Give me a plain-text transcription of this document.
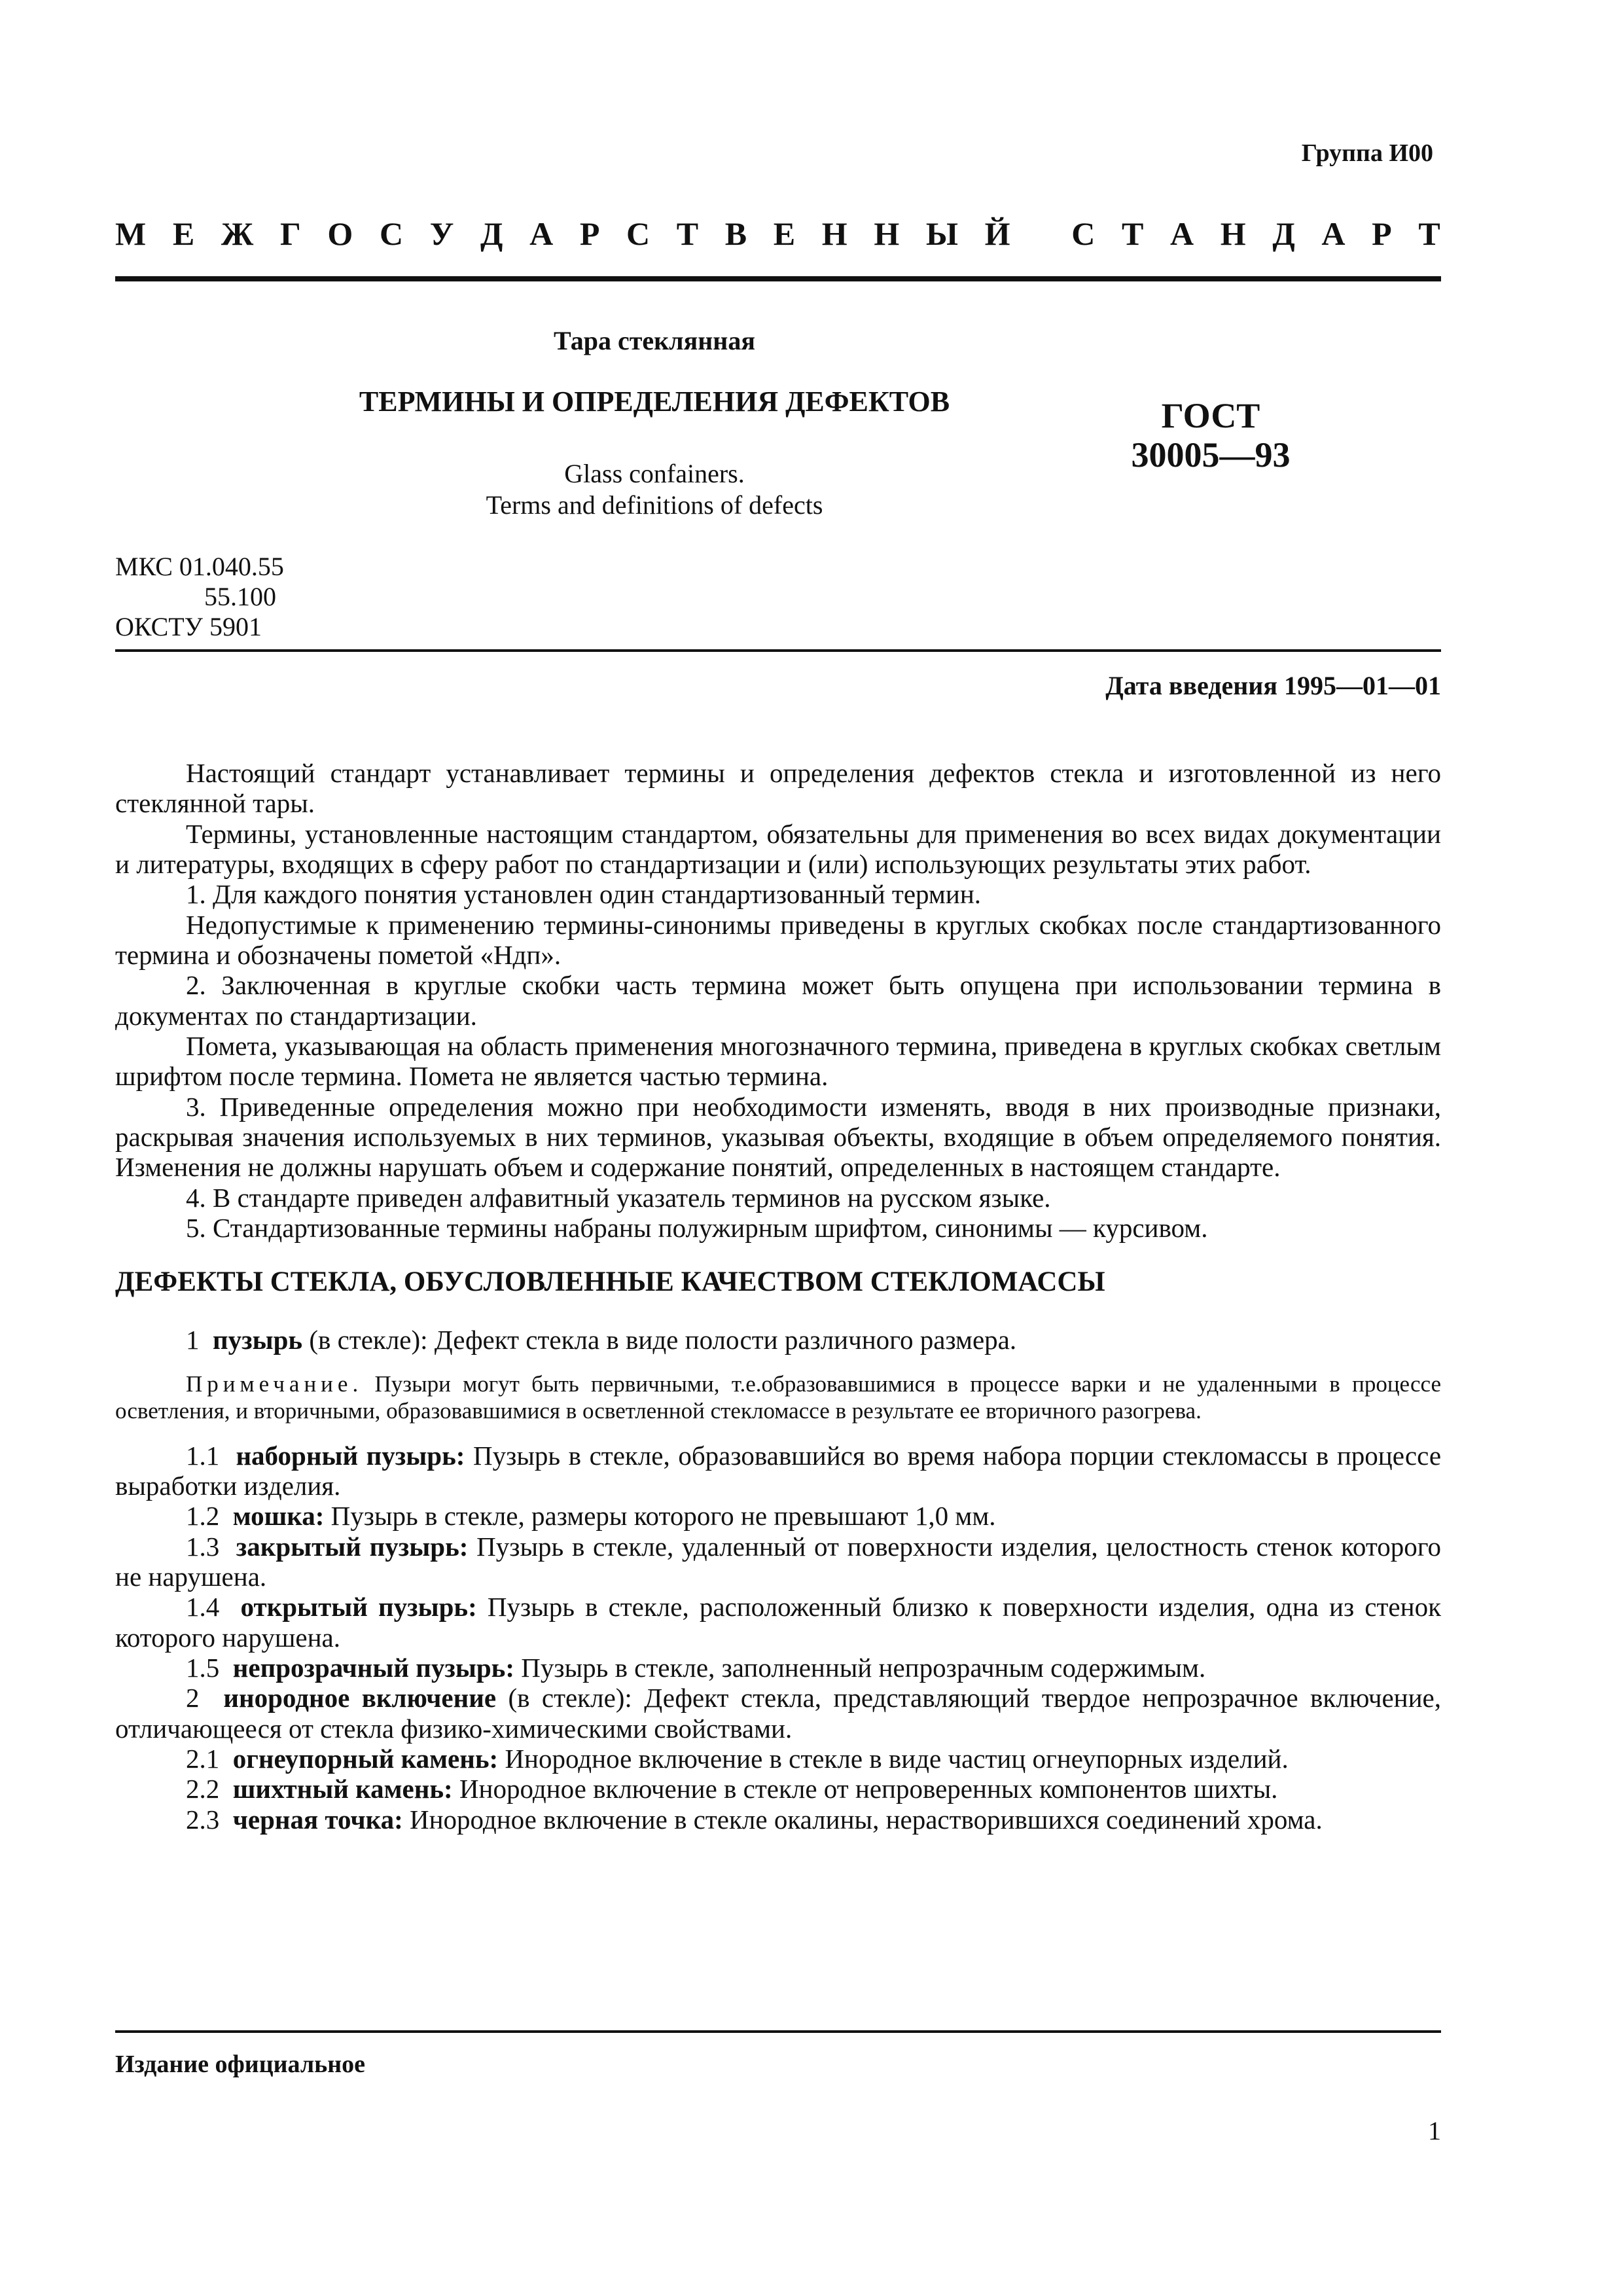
Группа И00
М Е Ж Г О С У Д А Р С Т В Е Н Н Ы Й
С Т А Н Д А Р Т
Тара стеклянная
ТЕРМИНЫ И ОПРЕДЕЛЕНИЯ ДЕФЕКТОВ
Glass confainers.
Terms and definitions of defects
ГОСТ
30005—93
МКС 01.040.55
55.100
ОКСТУ 5901
Дата введения 1995—01—01

Настоящий стандарт устанавливает термины и определения дефектов стекла и изготовленной из него стеклянной тары.

Термины, установленные настоящим стандартом, обязательны для применения во всех видах документации и литературы, входящих в сферу работ по стандартизации и (или) использующих результаты этих работ.

1. Для каждого понятия установлен один стандартизованный термин.

Недопустимые к применению термины-синонимы приведены в круглых скобках после стандартизованного термина и обозначены пометой «Ндп».

2. Заключенная в круглые скобки часть термина может быть опущена при использовании термина в документах по стандартизации.

Помета, указывающая на область применения многозначного термина, приведена в круглых скобках светлым шрифтом после термина. Помета не является частью термина.

3. Приведенные определения можно при необходимости изменять, вводя в них производные признаки, раскрывая значения используемых в них терминов, указывая объекты, входящие в объем определяемого понятия. Изменения не должны нарушать объем и содержание понятий, определенных в настоящем стандарте.

4. В стандарте приведен алфавитный указатель терминов на русском языке.

5. Стандартизованные термины набраны полужирным шрифтом, синонимы — курсивом.

ДЕФЕКТЫ СТЕКЛА, ОБУСЛОВЛЕННЫЕ КАЧЕСТВОМ СТЕКЛОМАССЫ

1 пузырь (в стекле): Дефект стекла в виде полости различного размера.

Примечание. Пузыри могут быть первичными, т.е.образовавшимися в процессе варки и не удаленными в процессе осветления, и вторичными, образовавшимися в осветленной стекломассе в результате ее вторичного разогрева.

1.1 наборный пузырь: Пузырь в стекле, образовавшийся во время набора порции стекломассы в процессе выработки изделия.

1.2 мошка: Пузырь в стекле, размеры которого не превышают 1,0 мм.

1.3 закрытый пузырь: Пузырь в стекле, удаленный от поверхности изделия, целостность стенок которого не нарушена.

1.4 открытый пузырь: Пузырь в стекле, расположенный близко к поверхности изделия, одна из стенок которого нарушена.

1.5 непрозрачный пузырь: Пузырь в стекле, заполненный непрозрачным содержимым.

2 инородное включение (в стекле): Дефект стекла, представляющий твердое непрозрачное включение, отличающееся от стекла физико-химическими свойствами.

2.1 огнеупорный камень: Инородное включение в стекле в виде частиц огнеупорных изделий.

2.2 шихтный камень: Инородное включение в стекле от непроверенных компонентов шихты.

2.3 черная точка: Инородное включение в стекле окалины, нерастворившихся соединений хрома.

Издание официальное
1
